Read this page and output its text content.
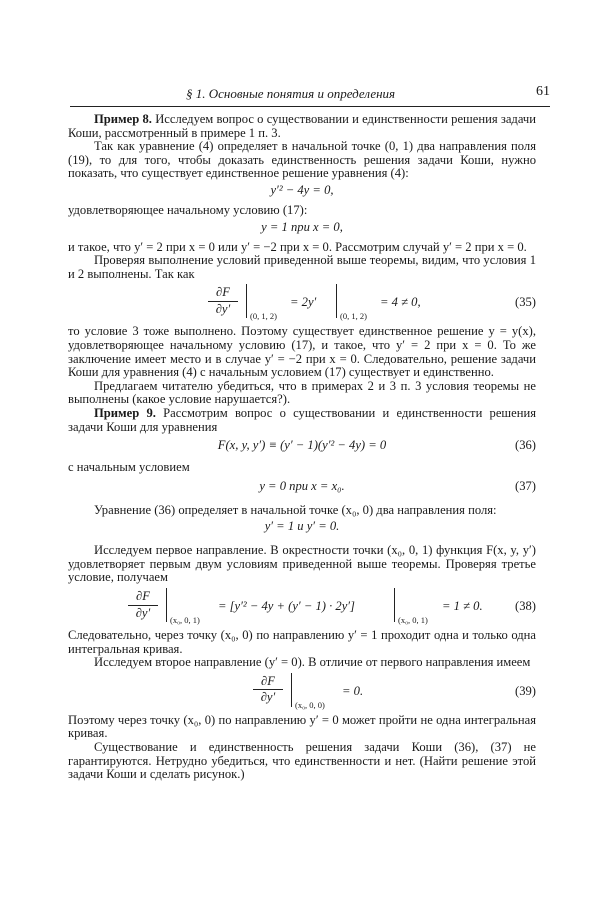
§ 1. Основные понятия и определения	61

Пример 8. Исследуем вопрос о существовании и единственности решения задачи Коши, рассмотренный в примере 1 п. 3.

Так как уравнение (4) определяет в начальной точке (0, 1) два направления поля (19), то для того, чтобы доказать единственность решения задачи Коши, нужно показать, что существует единственное решение уравнения (4):

y′² − 4y = 0,

удовлетворяющее начальному условию (17):

y = 1 при x = 0,

и такое, что y′ = 2 при x = 0 или y′ = −2 при x = 0. Рассмотрим случай y′ = 2 при x = 0.

Проверяя выполнение условий приведенной выше теоремы, видим, что условия 1 и 2 выполнены. Так как

$\frac{\partial F}{\partial y'} (0$, 1, 2)
= 2y′
(0, 1, 2)
= 4 ≠ 0,	(35)

то условие 3 тоже выполнено. Поэтому существует единственное решение y = y(x), удовлетворяющее начальному условию (17), и такое, что y′ = 2 при x = 0. То же заключение имеет место и в случае y′ = −2 при x = 0. Следовательно, решение задачи Коши для уравнения (4) с начальным условием (17) существует и единственно.

Предлагаем читателю убедиться, что в примерах 2 и 3 п. 3 условия теоремы не выполнены (какое условие нарушается?).

Пример 9. Рассмотрим вопрос о существовании и единственности решения задачи Коши для уравнения

F(x, y, y′) ≡ (y′ − 1)(y′² − 4y) = 0	(36)

с начальным условием

y = 0 при x = x₀.	(37)

Уравнение (36) определяет в начальной точке (x₀, 0) два направления поля:

y′ = 1 и y′ = 0.

Исследуем первое направление. В окрестности точки (x₀, 0, 1) функция F(x, y, y′) удовлетворяет первым двум условиям приведенной выше теоремы. Проверяя третье условие, получаем

$\frac{\partial F}{\partial y'} (x_0$, 0, 1)
= [y′² − 4y + (y′ − 1) · 2y′]
(x₀, 0, 1)
= 1 ≠ 0.	(38)

Следовательно, через точку (x₀, 0) по направлению y′ = 1 проходит одна и только одна интегральная кривая.

Исследуем второе направление (y′ = 0). В отличие от первого направления имеем

$\frac{\partial F}{\partial y'} (x_0$, 0, 0)
= 0.	(39)

Поэтому через точку (x₀, 0) по направлению y′ = 0 может пройти не одна интегральная кривая.

Существование и единственность решения задачи Коши (36), (37) не гарантируются. Нетрудно убедиться, что единственности и нет. (Найти решение этой задачи Коши и сделать рисунок.)
